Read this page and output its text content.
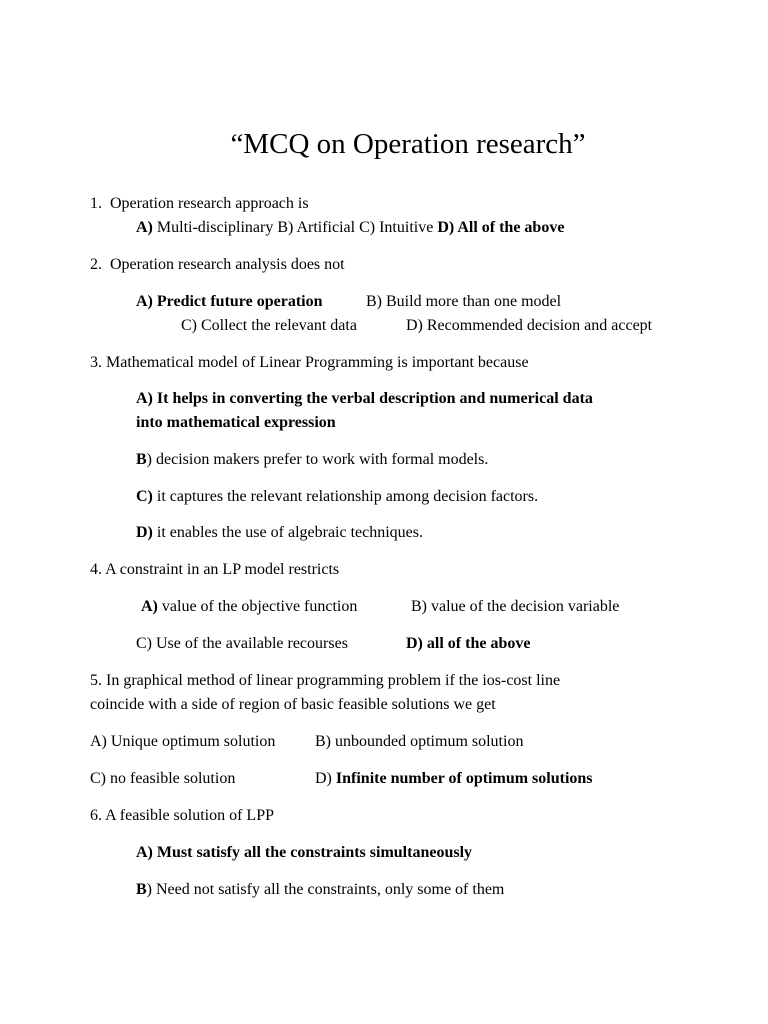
“MCQ on Operation research”
1. Operation research approach is
A) Multi-disciplinary B) Artificial C) Intuitive D) All of the above
2. Operation research analysis does not
A) Predict future operation	B) Build more than one model
C) Collect the relevant data	D) Recommended decision and accept
3. Mathematical model of Linear Programming is important because
A) It helps in converting the verbal description and numerical data
into mathematical expression
B) decision makers prefer to work with formal models.
C) it captures the relevant relationship among decision factors.
D) it enables the use of algebraic techniques.
4. A constraint in an LP model restricts
A) value of the objective function	B) value of the decision variable
C) Use of the available recourses	D) all of the above
5. In graphical method of linear programming problem if the ios-cost line
coincide with a side of region of basic feasible solutions we get
A) Unique optimum solution B) unbounded optimum solution
C) no feasible solution	D) Infinite number of optimum solutions
6. A feasible solution of LPP
A) Must satisfy all the constraints simultaneously
B) Need not satisfy all the constraints, only some of them
